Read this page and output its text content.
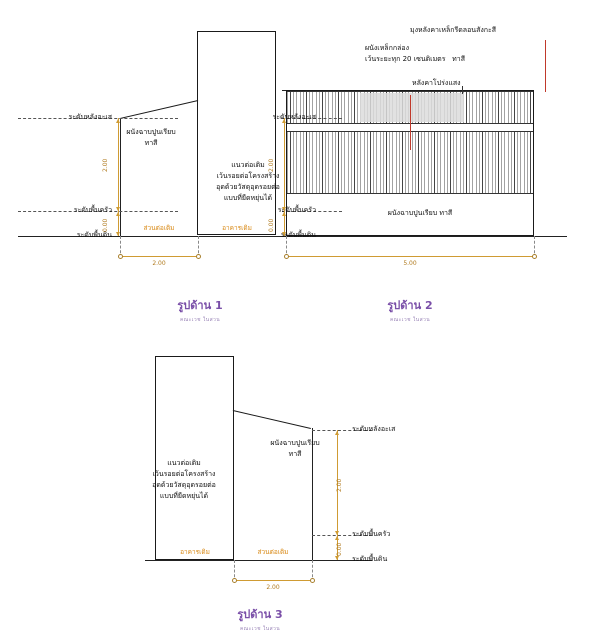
ระดับหลังอะเส
ระดับพื้นครัว
ระดับพื้นดิน
2.00
0.00
2.00
ส่วนต่อเติม	อาคารเดิม
ผนังฉาบปูนเรียบ
ทาสี
แนวต่อเติม
เว้นรอยต่อโครงสร้าง
อุดด้วยวัสดุอุดรอยต่อ
แบบที่ยืดหยุ่นได้
รูปด้าน 1
คณะเวช ในสวน
ระดับหลังอะเส
ระดับพื้นครัว
ระดับพื้นดิน
2.00
0.00
5.00
มุงหลังคาเหล็กรีดลอนสังกะสี
ผนังเหล็กกล่อง
เว้นระยะทุก 20 เซนติเมตร   ทาสี
หลังคาโปร่งแสง
ผนังฉาบปูนเรียบ ทาสี
รูปด้าน 2
คณะเวช ในสวน
ระดับหลังอะเส
ระดับพื้นครัว
ระดับพื้นดิน
2.00
0.00
2.00
อาคารเดิม	ส่วนต่อเติม
ผนังฉาบปูนเรียบ
ทาสี
แนวต่อเติม
เว้นรอยต่อโครงสร้าง
อุดด้วยวัสดุอุดรอยต่อ
แบบที่ยืดหยุ่นได้
รูปด้าน 3
คณะเวช ในสวน
